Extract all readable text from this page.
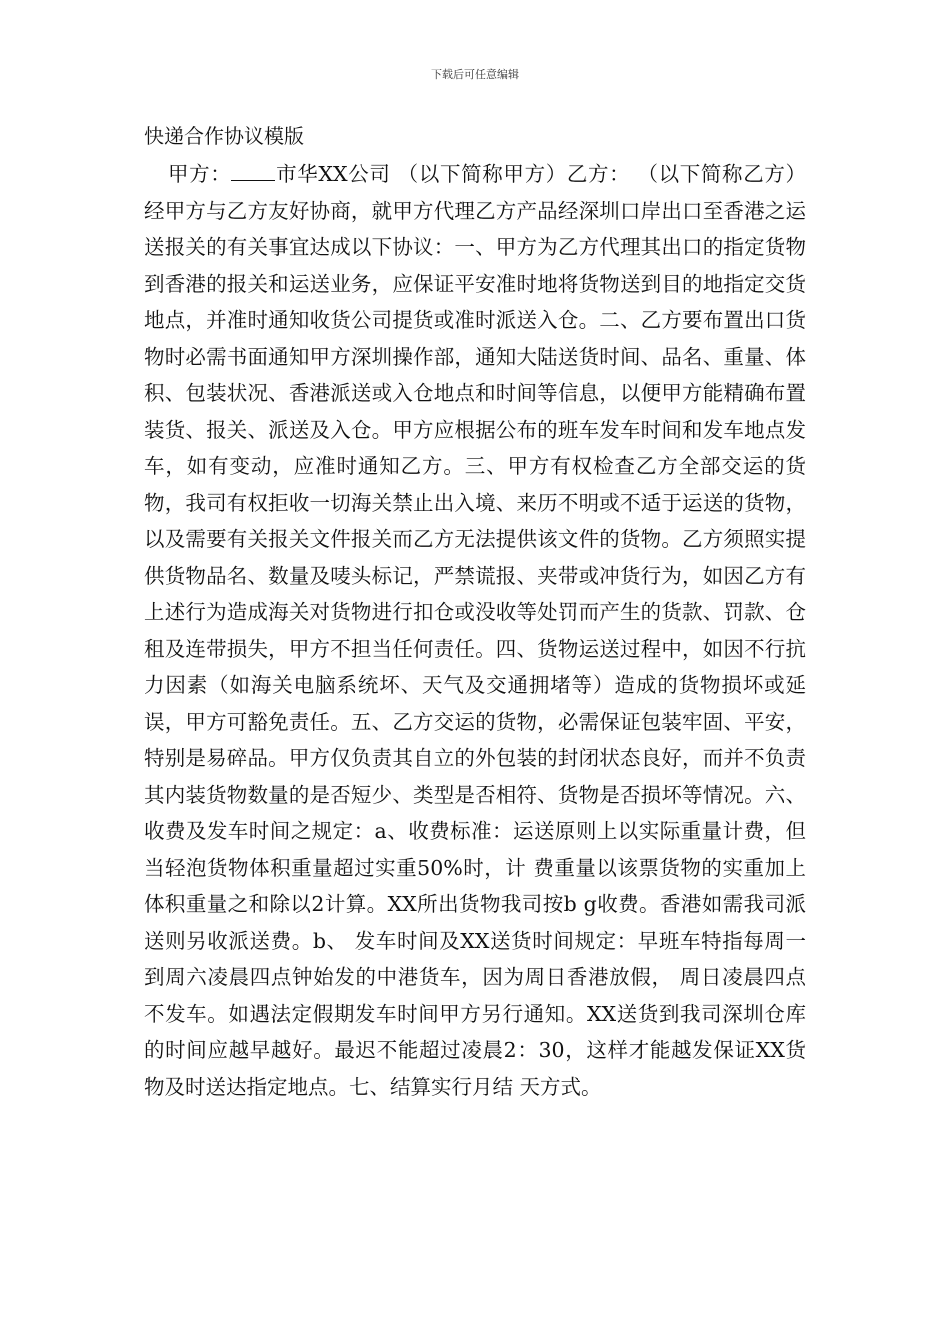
下载后可任意编辑
快递合作协议模版
甲方： 市华XX公司 （以下简称甲方）乙方： （以下简称乙方）经甲方与乙方友好协商，就甲方代理乙方产品经深圳口岸出口至香港之运送报关的有关事宜达成以下协议：一、甲方为乙方代理其出口的指定货物到香港的报关和运送业务，应保证平安准时地将货物送到目的地指定交货地点，并准时通知收货公司提货或准时派送入仓。二、乙方要布置出口货物时必需书面通知甲方深圳操作部，通知大陆送货时间、品名、重量、体积、包装状况、香港派送或入仓地点和时间等信息，以便甲方能精确布置装货、报关、派送及入仓。甲方应根据公布的班车发车时间和发车地点发车，如有变动，应准时通知乙方。三、甲方有权检查乙方全部交运的货物，我司有权拒收一切海关禁止出入境、来历不明或不适于运送的货物，以及需要有关报关文件报关而乙方无法提供该文件的货物。乙方须照实提供货物品名、数量及唛头标记，严禁谎报、夹带或冲货行为，如因乙方有上述行为造成海关对货物进行扣仓或没收等处罚而产生的货款、罚款、仓租及连带损失，甲方不担当任何责任。四、货物运送过程中，如因不行抗力因素（如海关电脑系统坏、天气及交通拥堵等）造成的货物损坏或延误，甲方可豁免责任。五、乙方交运的货物，必需保证包装牢固、平安，特别是易碎品。甲方仅负责其自立的外包装的封闭状态良好，而并不负责其内装货物数量的是否短少、类型是否相符、货物是否损坏等情况。六、收费及发车时间之规定：a、收费标准：运送原则上以实际重量计费，但当轻泡货物体积重量超过实重50%时，计 费重量以该票货物的实重加上体积重量之和除以2计算。XX所出货物我司按b g收费。香港如需我司派送则另收派送费。b、 发车时间及XX送货时间规定：早班车特指每周一到周六凌晨四点钟始发的中港货车，因为周日香港放假， 周日凌晨四点不发车。如遇法定假期发车时间甲方另行通知。XX送货到我司深圳仓库的时间应越早越好。最迟不能超过凌晨2：30，这样才能越发保证XX货物及时送达指定地点。七、结算实行月结 天方式。
